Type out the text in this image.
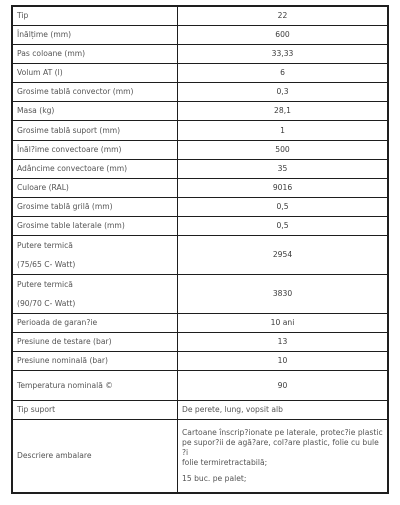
Tip	22
Înălțime (mm)	600
Pas coloane (mm)	33,33
Volum AT (l)	6
Grosime tablă convector (mm)	0,3
Masa (kg)	28,1
Grosime tablă suport (mm)	1
Înăl?ime convectoare (mm)	500
Adâncime convectoare (mm)	35
Culoare (RAL)	9016
Grosime tablă grilă (mm)	0,5
Grosime table laterale (mm)	0,5

Putere termică
(75/65 C- Watt)	2954

Putere termică
(90/70 C- Watt)	3830
Perioada de garan?ie	10 ani
Presiune de testare (bar)	13
Presiune nominală (bar)	10
Temperatura nominală ©	90
Tip suport	De perete, lung, vopsit alb
Descriere ambalare	Cartoane înscrip?ionate pe laterale, protec?ie plastic
pe supor?ii de agă?are, col?are plastic, folie cu bule ?i
folie termiretractabilă;
15 buc. pe palet;
